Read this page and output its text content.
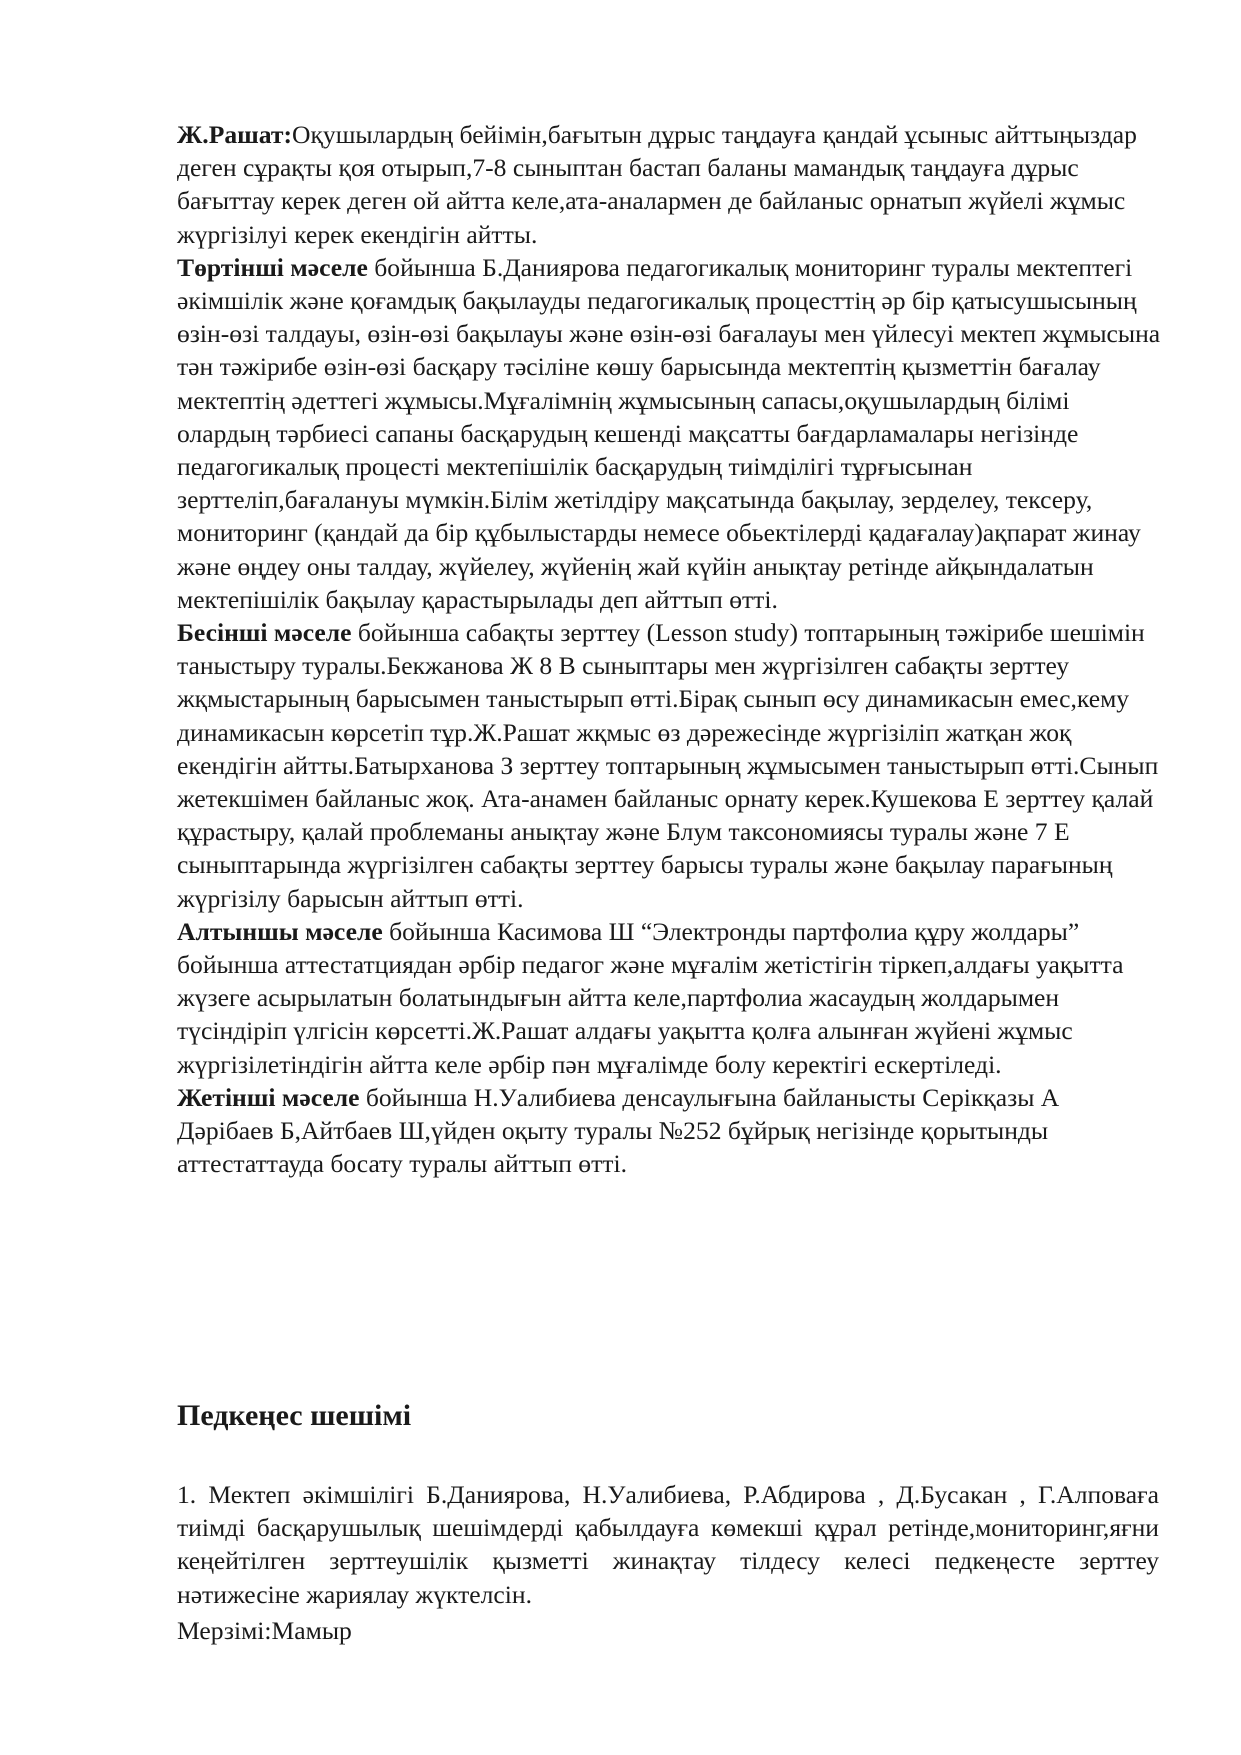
Ж.Рашат:Оқушылардың бейімін,бағытын дұрыс таңдауға қандай ұсыныс айттыңыздар деген сұрақты қоя отырып,7-8 сыныптан бастап баланы мамандық таңдауға дұрыс бағыттау керек деген ой айтта келе,ата-аналармен де байланыс орнатып жүйелі жұмыс жүргізілуі керек екендігін айтты.

Төртінші мәселе бойынша Б.Даниярова педагогикалық мониторинг туралы мектептегі әкімшілік және қоғамдық бақылауды педагогикалық процесттің әр бір қатысушысының өзін-өзі талдауы, өзін-өзі бақылауы және өзін-өзі бағалауы мен үйлесуі мектеп жұмысына тән тәжірибе өзін-өзі басқару тәсіліне көшу барысында мектептің қызметтін бағалау мектептің әдеттегі жұмысы.Мұғалімнің жұмысының сапасы,оқушылардың білімі олардың тәрбиесі сапаны басқарудың кешенді мақсатты бағдарламалары негізінде педагогикалық процесті мектепішілік басқарудың тиімділігі тұрғысынан зерттеліп,бағалануы мүмкін.Білім жетілдіру мақсатында бақылау, зерделеу, тексеру, мониторинг (қандай да бір құбылыстарды немесе обьектілерді қадағалау)ақпарат жинау және өңдеу оны талдау, жүйелеу, жүйенің жай күйін анықтау ретінде айқындалатын мектепішілік бақылау қарастырылады деп айттып өтті.

Бесінші мәселе бойынша сабақты зерттеу (Lesson study) топтарының тәжірибе шешімін таныстыру туралы.Бекжанова Ж 8 В сыныптары мен жүргізілген сабақты зерттеу жқмыстарының барысымен таныстырып өтті.Бірақ сынып өсу динамикасын емес,кему динамикасын көрсетіп тұр.Ж.Рашат жқмыс өз дәрежесінде жүргізіліп жатқан жоқ екендігін айтты.Батырханова З зерттеу топтарының жұмысымен таныстырып өтті.Сынып жетекшімен байланыс жоқ. Ата-анамен байланыс орнату керек.Кушекова Е зерттеу қалай құрастыру, қалай проблеманы анықтау және Блум таксономиясы туралы және 7 Е сыныптарында жүргізілген сабақты зерттеу барысы туралы және бақылау парағының жүргізілу барысын айттып өтті.

Алтыншы мәселе бойынша Касимова Ш “Электронды партфолиа құру жолдары” бойынша аттестатциядан әрбір педагог және мұғалім жетістігін тіркеп,алдағы уақытта жүзеге асырылатын болатындығын айтта келе,партфолиа жасаудың жолдарымен түсіндіріп үлгісін көрсетті.Ж.Рашат алдағы уақытта қолға алынған жүйені жұмыс жүргізілетіндігін айтта келе әрбір пән мұғалімде болу керектігі ескертіледі.

Жетінші мәселе бойынша Н.Уалибиева денсаулығына байланысты Серікқазы А Дәрібаев Б,Айтбаев Ш,үйден оқыту туралы №252 бұйрық негізінде қорытынды аттестаттауда босату туралы айттып өтті.

Педкеңес шешімі

1. Мектеп әкімшілігі Б.Даниярова, Н.Уалибиева, Р.Абдирова , Д.Бусакан , Г.Алповаға тиімді басқарушылық шешімдерді қабылдауға көмекші құрал ретінде,мониторинг,яғни кеңейтілген зерттеушілік қызметті жинақтау тілдесу келесі педкеңесте зерттеу нәтижесіне жариялау жүктелсін.

Мерзімі:Мамыр
